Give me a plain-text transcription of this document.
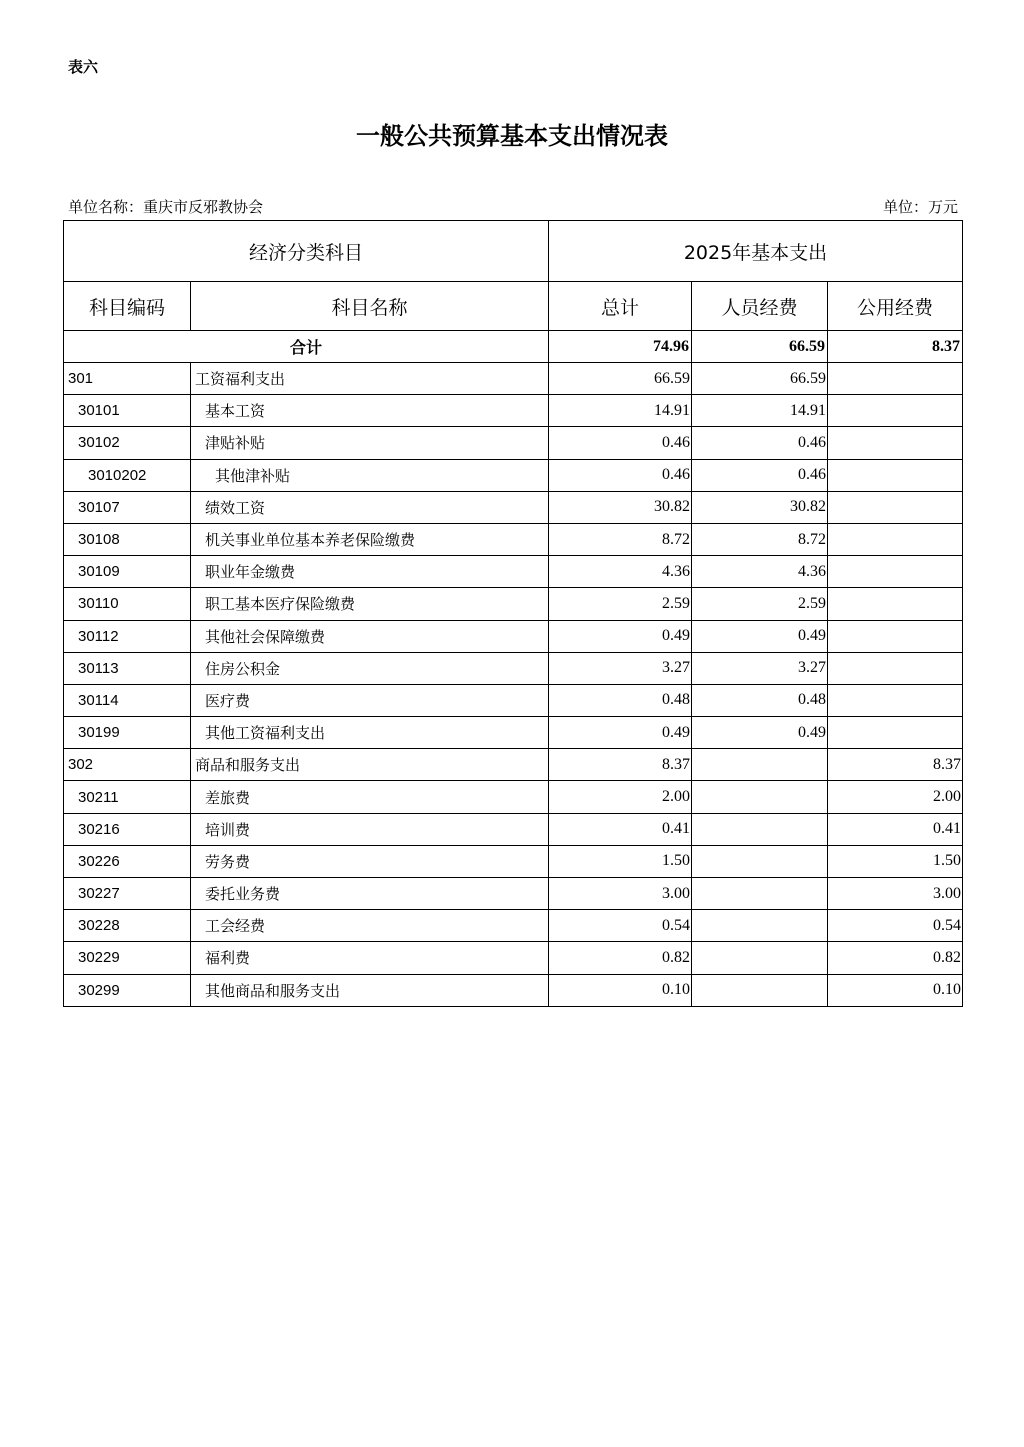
表六
一般公共预算基本支出情况表
单位名称：重庆市反邪教协会	单位：万元
经济分类科目		2025年基本支出		
科目编码	科目名称	总计	人员经费	公用经费
合计		74.96	66.59	8.37
301	工资福利支出	66.59	66.59	
30101	基本工资	14.91	14.91	
30102	津贴补贴	0.46	0.46	
3010202	其他津补贴	0.46	0.46	
30107	绩效工资	30.82	30.82	
30108	机关事业单位基本养老保险缴费	8.72	8.72	
30109	职业年金缴费	4.36	4.36	
30110	职工基本医疗保险缴费	2.59	2.59	
30112	其他社会保障缴费	0.49	0.49	
30113	住房公积金	3.27	3.27	
30114	医疗费	0.48	0.48	
30199	其他工资福利支出	0.49	0.49	
302	商品和服务支出	8.37		8.37
30211	差旅费	2.00		2.00
30216	培训费	0.41		0.41
30226	劳务费	1.50		1.50
30227	委托业务费	3.00		3.00
30228	工会经费	0.54		0.54
30229	福利费	0.82		0.82
30299	其他商品和服务支出	0.10		0.10
